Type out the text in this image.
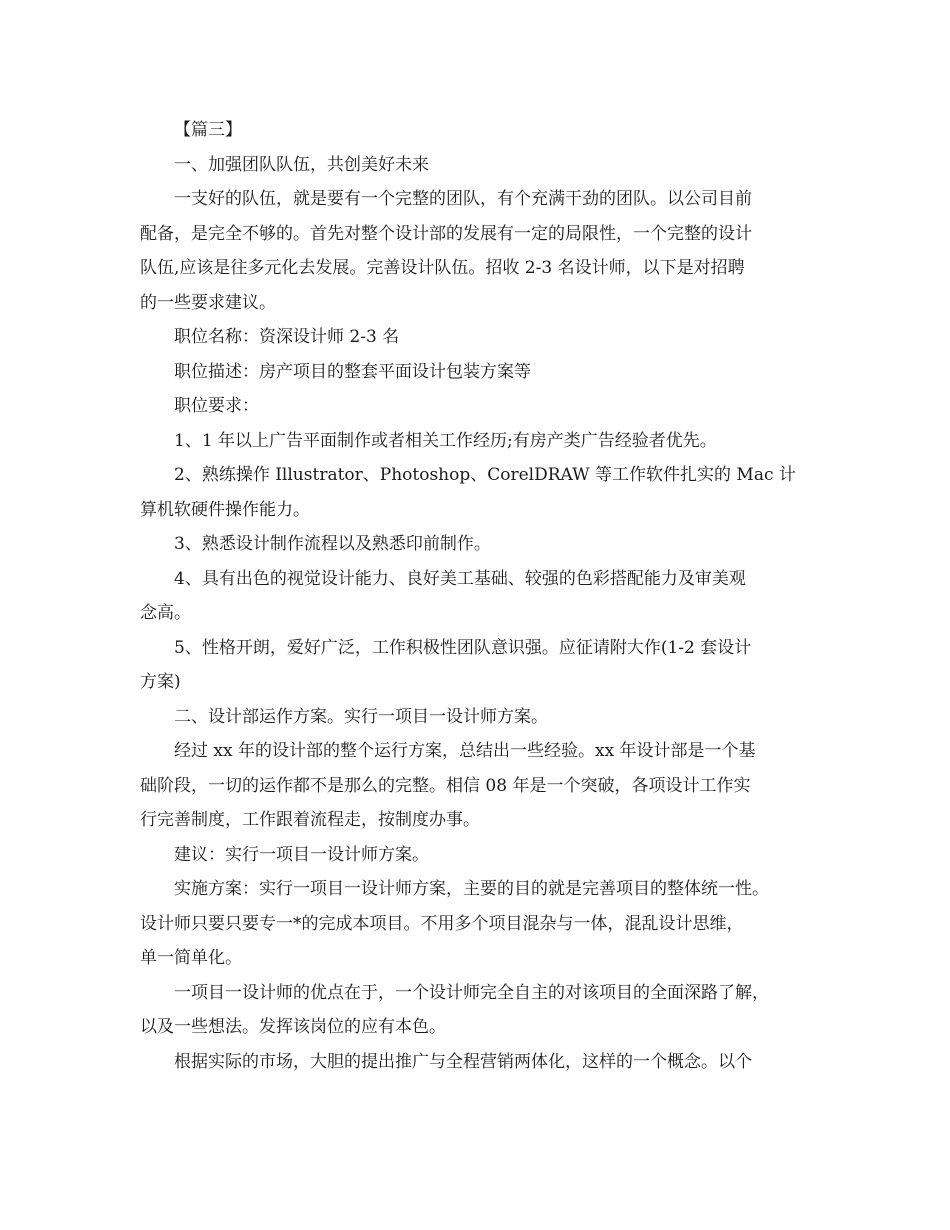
【篇三】
一、加强团队队伍，共创美好未来
一支好的队伍，就是要有一个完整的团队，有个充满干劲的团队。以公司目前
配备，是完全不够的。首先对整个设计部的发展有一定的局限性，一个完整的设计
队伍,应该是往多元化去发展。完善设计队伍。招收 2-3 名设计师，以下是对招聘
的一些要求建议。
职位名称：资深设计师 2-3 名
职位描述：房产项目的整套平面设计包装方案等
职位要求：
1、1 年以上广告平面制作或者相关工作经历;有房产类广告经验者优先。
2、熟练操作 Illustrator、Photoshop、CorelDRAW 等工作软件扎实的 Mac 计
算机软硬件操作能力。
3、熟悉设计制作流程以及熟悉印前制作。
4、具有出色的视觉设计能力、良好美工基础、较强的色彩搭配能力及审美观
念高。
5、性格开朗，爱好广泛，工作积极性团队意识强。应征请附大作(1-2 套设计
方案)
二、设计部运作方案。实行一项目一设计师方案。
经过 xx 年的设计部的整个运行方案，总结出一些经验。xx 年设计部是一个基
础阶段，一切的运作都不是那么的完整。相信 08 年是一个突破，各项设计工作实
行完善制度，工作跟着流程走，按制度办事。
建议：实行一项目一设计师方案。
实施方案：实行一项目一设计师方案，主要的目的就是完善项目的整体统一性。
设计师只要只要专一*的完成本项目。不用多个项目混杂与一体，混乱设计思维，
单一简单化。
一项目一设计师的优点在于，一个设计师完全自主的对该项目的全面深路了解，
以及一些想法。发挥该岗位的应有本色。
根据实际的市场，大胆的提出推广与全程营销两体化，这样的一个概念。以个
